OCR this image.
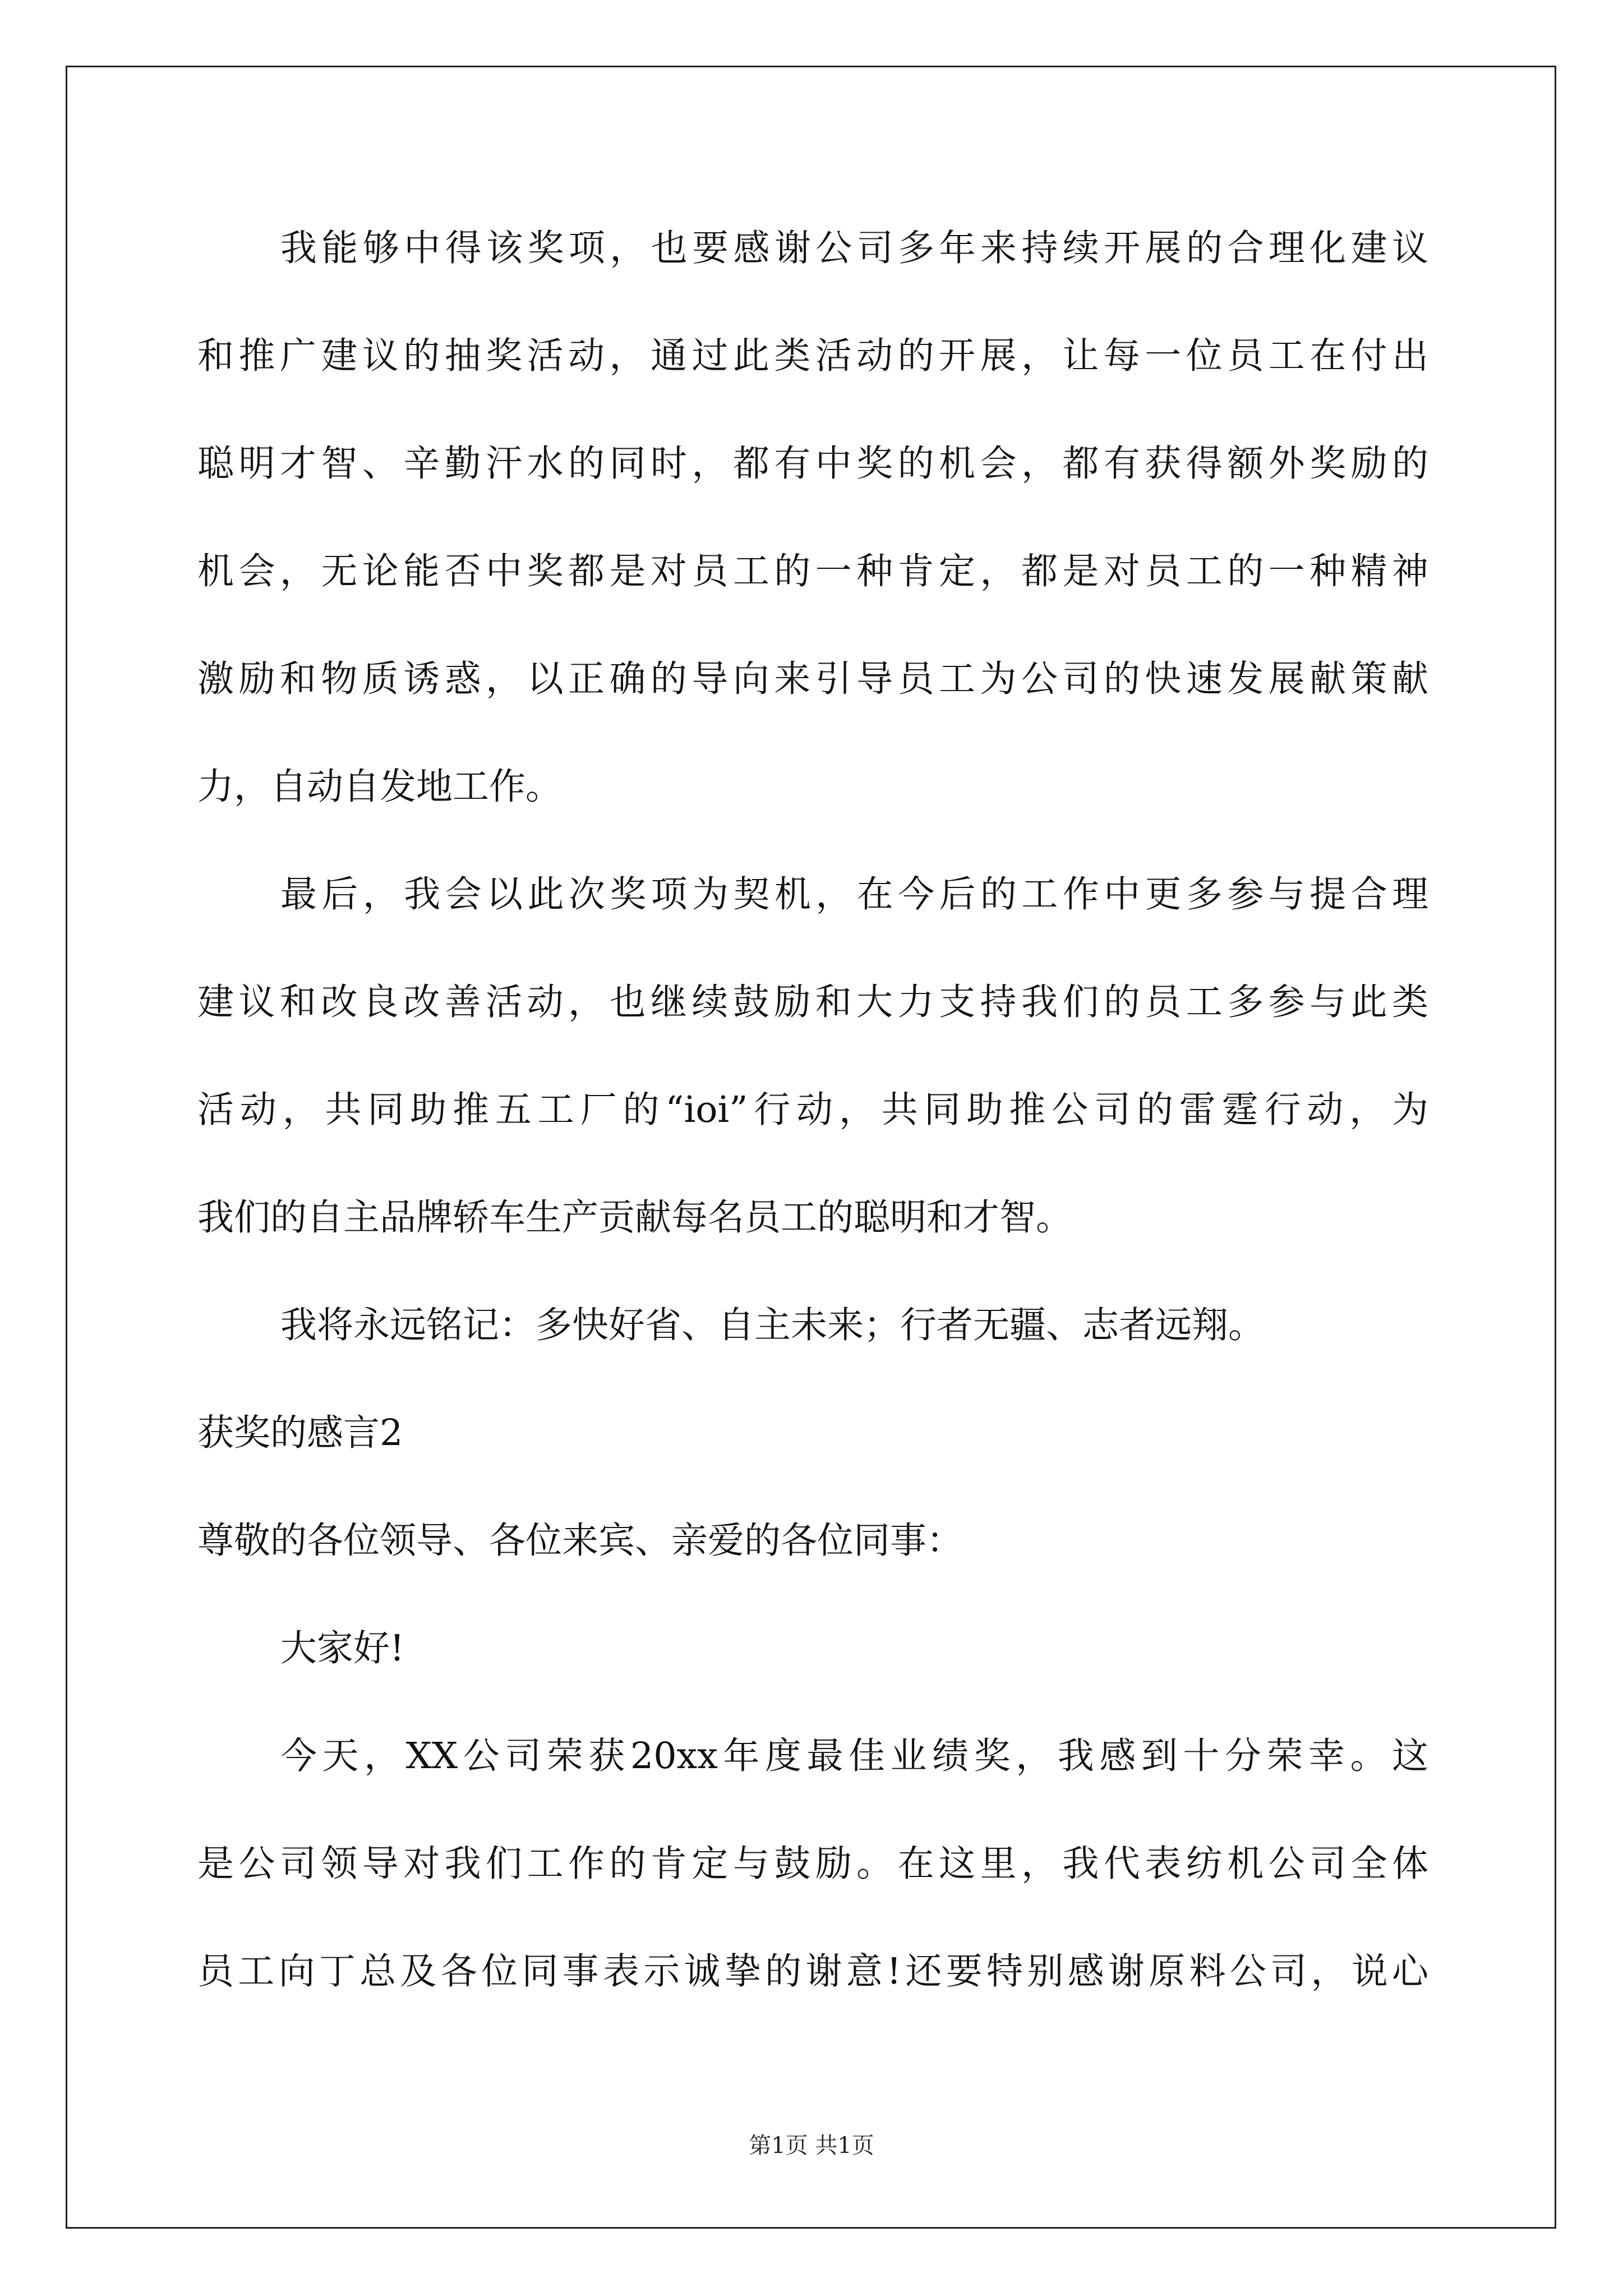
我能够中得该奖项，也要感谢公司多年来持续开展的合理化建议
和推广建议的抽奖活动，通过此类活动的开展，让每一位员工在付出
聪明才智、辛勤汗水的同时，都有中奖的机会，都有获得额外奖励的
机会，无论能否中奖都是对员工的一种肯定，都是对员工的一种精神
激励和物质诱惑，以正确的导向来引导员工为公司的快速发展献策献
力，自动自发地工作。
最后，我会以此次奖项为契机，在今后的工作中更多参与提合理
建议和改良改善活动，也继续鼓励和大力支持我们的员工多参与此类
活动，共同助推五工厂的“ioi”行动，共同助推公司的雷霆行动，为
我们的自主品牌轿车生产贡献每名员工的聪明和才智。
我将永远铭记：多快好省、自主未来；行者无疆、志者远翔。
获奖的感言2
尊敬的各位领导、各位来宾、亲爱的各位同事：
大家好!
今天，XX公司荣获20xx年度最佳业绩奖，我感到十分荣幸。这
是公司领导对我们工作的肯定与鼓励。在这里，我代表纺机公司全体
员工向丁总及各位同事表示诚挚的谢意!还要特别感谢原料公司，说心
第1页 共1页
